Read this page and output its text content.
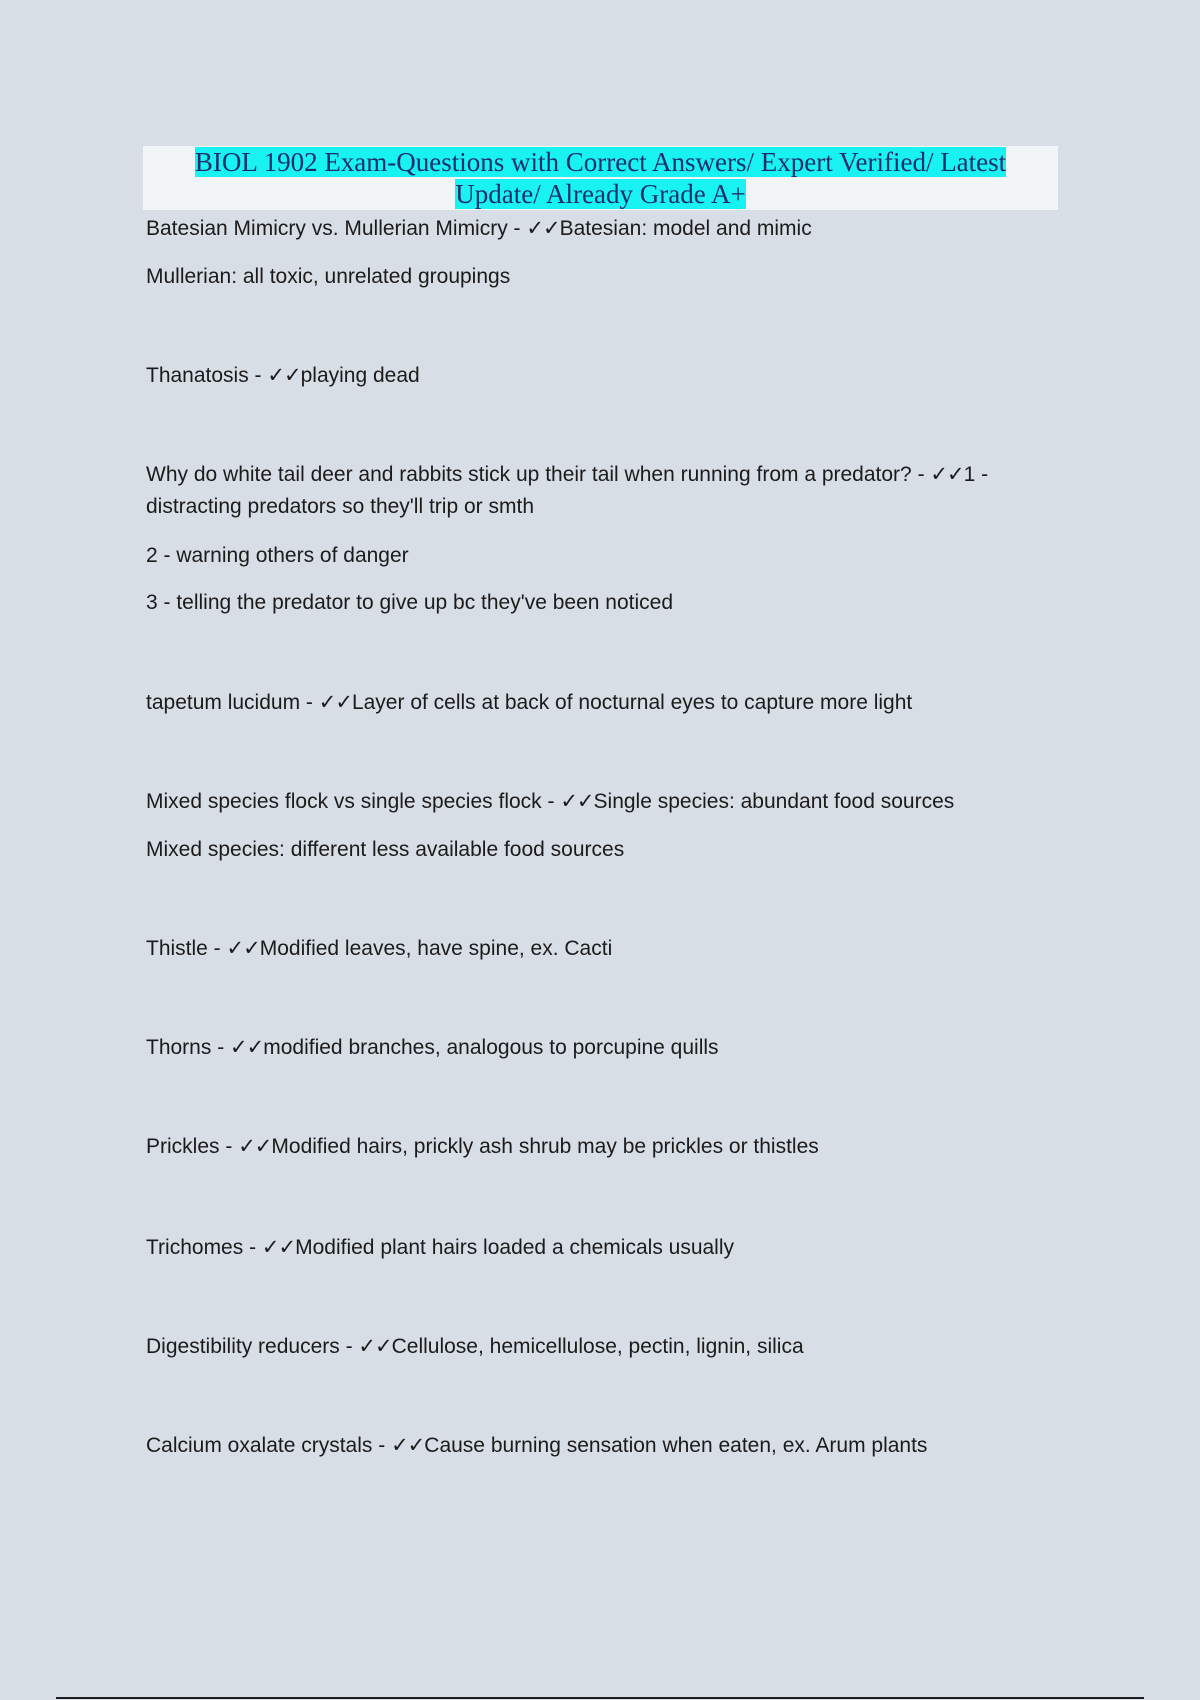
BIOL 1902 Exam-Questions with Correct Answers/ Expert Verified/ Latest
Update/ Already Grade A+
Batesian Mimicry vs. Mullerian Mimicry - ✓✓Batesian: model and mimic
Mullerian: all toxic, unrelated groupings
Thanatosis - ✓✓playing dead
Why do white tail deer and rabbits stick up their tail when running from a predator? - ✓✓1 - distracting predators so they'll trip or smth
2 - warning others of danger
3 - telling the predator to give up bc they've been noticed
tapetum lucidum - ✓✓Layer of cells at back of nocturnal eyes to capture more light
Mixed species flock vs single species flock - ✓✓Single species: abundant food sources
Mixed species: different less available food sources
Thistle - ✓✓Modified leaves, have spine, ex. Cacti
Thorns - ✓✓modified branches, analogous to porcupine quills
Prickles - ✓✓Modified hairs, prickly ash shrub may be prickles or thistles
Trichomes - ✓✓Modified plant hairs loaded a chemicals usually
Digestibility reducers - ✓✓Cellulose, hemicellulose, pectin, lignin, silica
Calcium oxalate crystals - ✓✓Cause burning sensation when eaten, ex. Arum plants
